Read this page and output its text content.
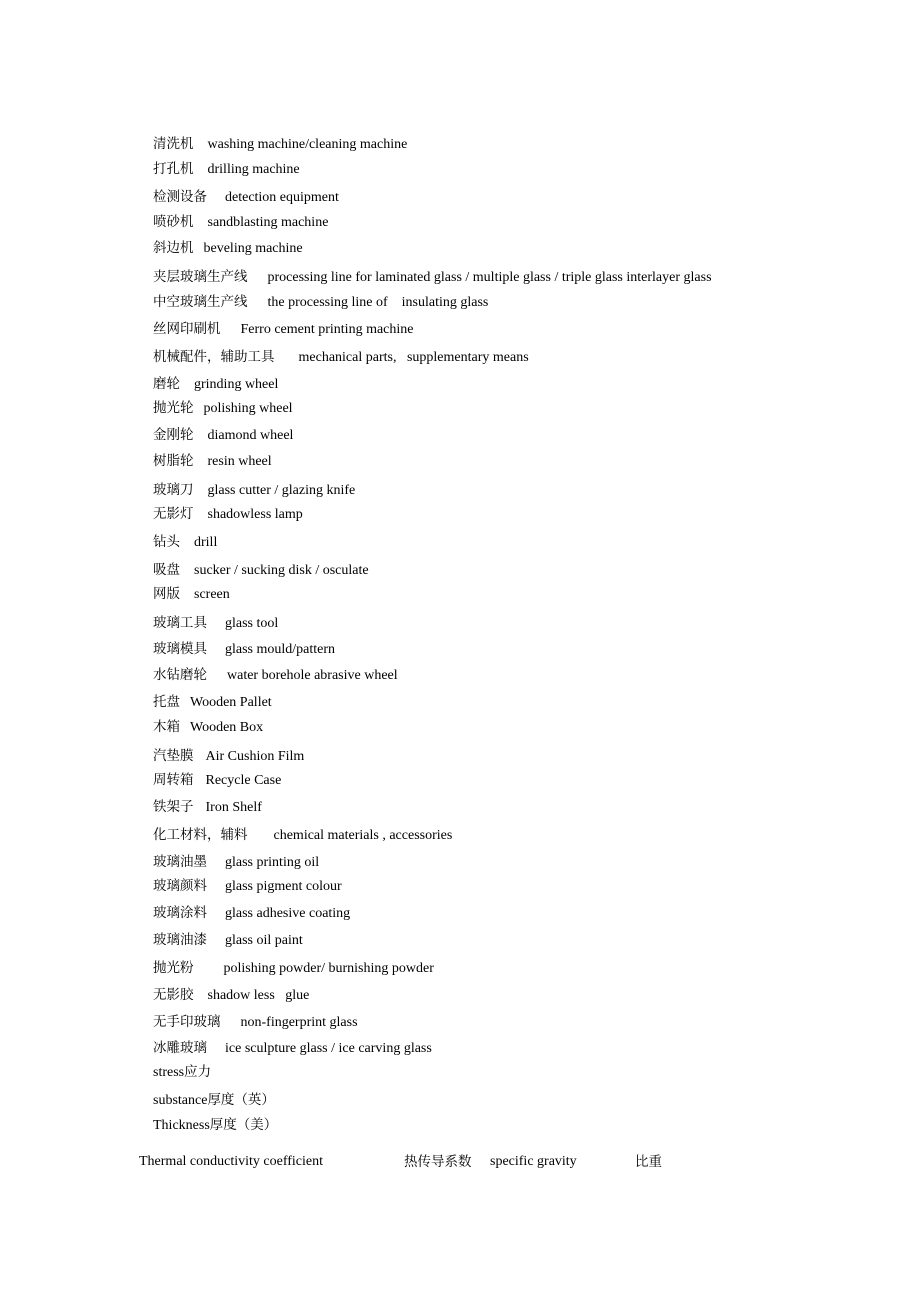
清洗机 washing machine/cleaning machine

打孔机 drilling machine

检测设备 detection equipment

喷砂机 sandblasting machine

斜边机 beveling machine

夹层玻璃生产线 processing line for laminated glass / multiple glass / triple glass interlayer glass

中空玻璃生产线 the processing line of    insulating glass

丝网印刷机 Ferro cement printing machine

机械配件，辅助工具 mechanical parts,   supplementary means

磨轮 grinding wheel

抛光轮 polishing wheel

金刚轮 diamond wheel

树脂轮 resin wheel

玻璃刀 glass cutter / glazing knife

无影灯 shadowless lamp

钻头 drill

吸盘 sucker / sucking disk / osculate

网版 screen

玻璃工具 glass tool

玻璃模具 glass mould/pattern

水钻磨轮 water borehole abrasive wheel

托盘 Wooden Pallet

木箱 Wooden Box

汽垫膜 Air Cushion Film

周转箱 Recycle Case

铁架子 Iron Shelf

化工材料，辅料 chemical materials , accessories

玻璃油墨 glass printing oil

玻璃颜料 glass pigment colour

玻璃涂料 glass adhesive coating

玻璃油漆 glass oil paint

抛光粉 polishing powder/ burnishing powder

无影胶 shadow less   glue

无手印玻璃 non-fingerprint glass

冰雕玻璃 ice sculpture glass / ice carving glass

stress应力

substance厚度（英）

Thickness厚度（美）

Thermal conductivity coefficient

	热传导系数

specific gravity

	比重
